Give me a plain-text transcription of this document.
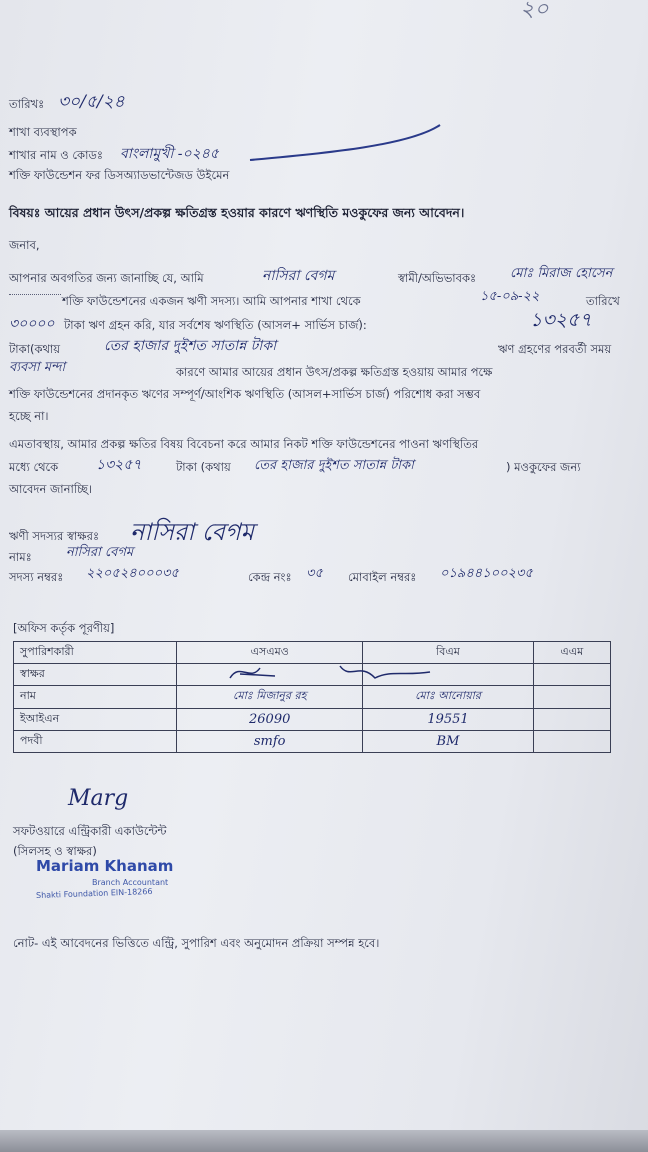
২০
তারিখঃ ৩০/৫/২৪
শাখা ব্যবস্থাপক
শাখার নাম ও কোডঃ বাংলামুখী -০২৪৫
শক্তি ফাউন্ডেশন ফর ডিসঅ্যাডভান্টেজড উইমেন
বিষয়ঃ আয়ের প্রধান উৎস/প্রকল্প ক্ষতিগ্রস্ত হওয়ার কারণে ঋণস্থিতি মওকুফের জন্য আবেদন।
জনাব,
আপনার অবগতির জন্য জানাচ্ছি যে, আমি	নাসিরা বেগম	স্বামী/অভিভাবকঃ	মোঃ মিরাজ হোসেন
শক্তি ফাউন্ডেশনের একজন ঋণী সদস্য। আমি আপনার শাখা থেকে	১৫-০৯-২২	তারিখে
৩০০০০ টাকা ঋণ গ্রহন করি, যার সর্বশেষ ঋণস্থিতি (আসল+ সার্ভিস চার্জ):	১৩২৫৭
টাকা(কথায়	তের হাজার দুইশত সাতান্ন টাকা	ঋণ গ্রহণের পরবর্তী সময়
ব্যবসা মন্দা	কারণে আমার আয়ের প্রধান উৎস/প্রকল্প ক্ষতিগ্রস্ত হওয়ায় আমার পক্ষে
শক্তি ফাউন্ডেশনের প্রদানকৃত ঋণের সম্পূর্ণ/আংশিক ঋণস্থিতি (আসল+সার্ভিস চার্জ) পরিশোধ করা সম্ভব
হচ্ছে না।
এমতাবস্থায়, আমার প্রকল্প ক্ষতির বিষয় বিবেচনা করে আমার নিকট শক্তি ফাউন্ডেশনের পাওনা ঋণস্থিতির
মধ্যে থেকে	১৩২৫৭	টাকা (কথায় তের হাজার দুইশত সাতান্ন টাকা	) মওকুফের জন্য
আবেদন জানাচ্ছি।
ঋণী সদস্যর স্বাক্ষরঃ নাসিরা বেগম
নামঃ	নাসিরা বেগম
সদস্য নম্বরঃ ২২০৫২৪০০০৩৫	কেন্দ্র নংঃ ৩৫ মোবাইল নম্বরঃ ০১৯৪৪১০০২৩৫
[অফিস কর্তৃক পূরণীয়]
সুপারিশকারী	এসএমও	বিএম	এএম
স্বাক্ষর			
নাম	মোঃ মিজানুর রহ	মোঃ আনোয়ার	
ইআইএন	26090	19551	
পদবী	smfo	BM	
Marg
সফটওয়ারে এন্ট্রিকারী একাউন্টেন্ট
(সিলসহ ও স্বাক্ষর)
Mariam Khanam
Branch Accountant
Shakti Foundation EIN-18266
নোট- এই আবেদনের ভিত্তিতে এন্ট্রি, সুপারিশ এবং অনুমোদন প্রক্রিয়া সম্পন্ন হবে।
